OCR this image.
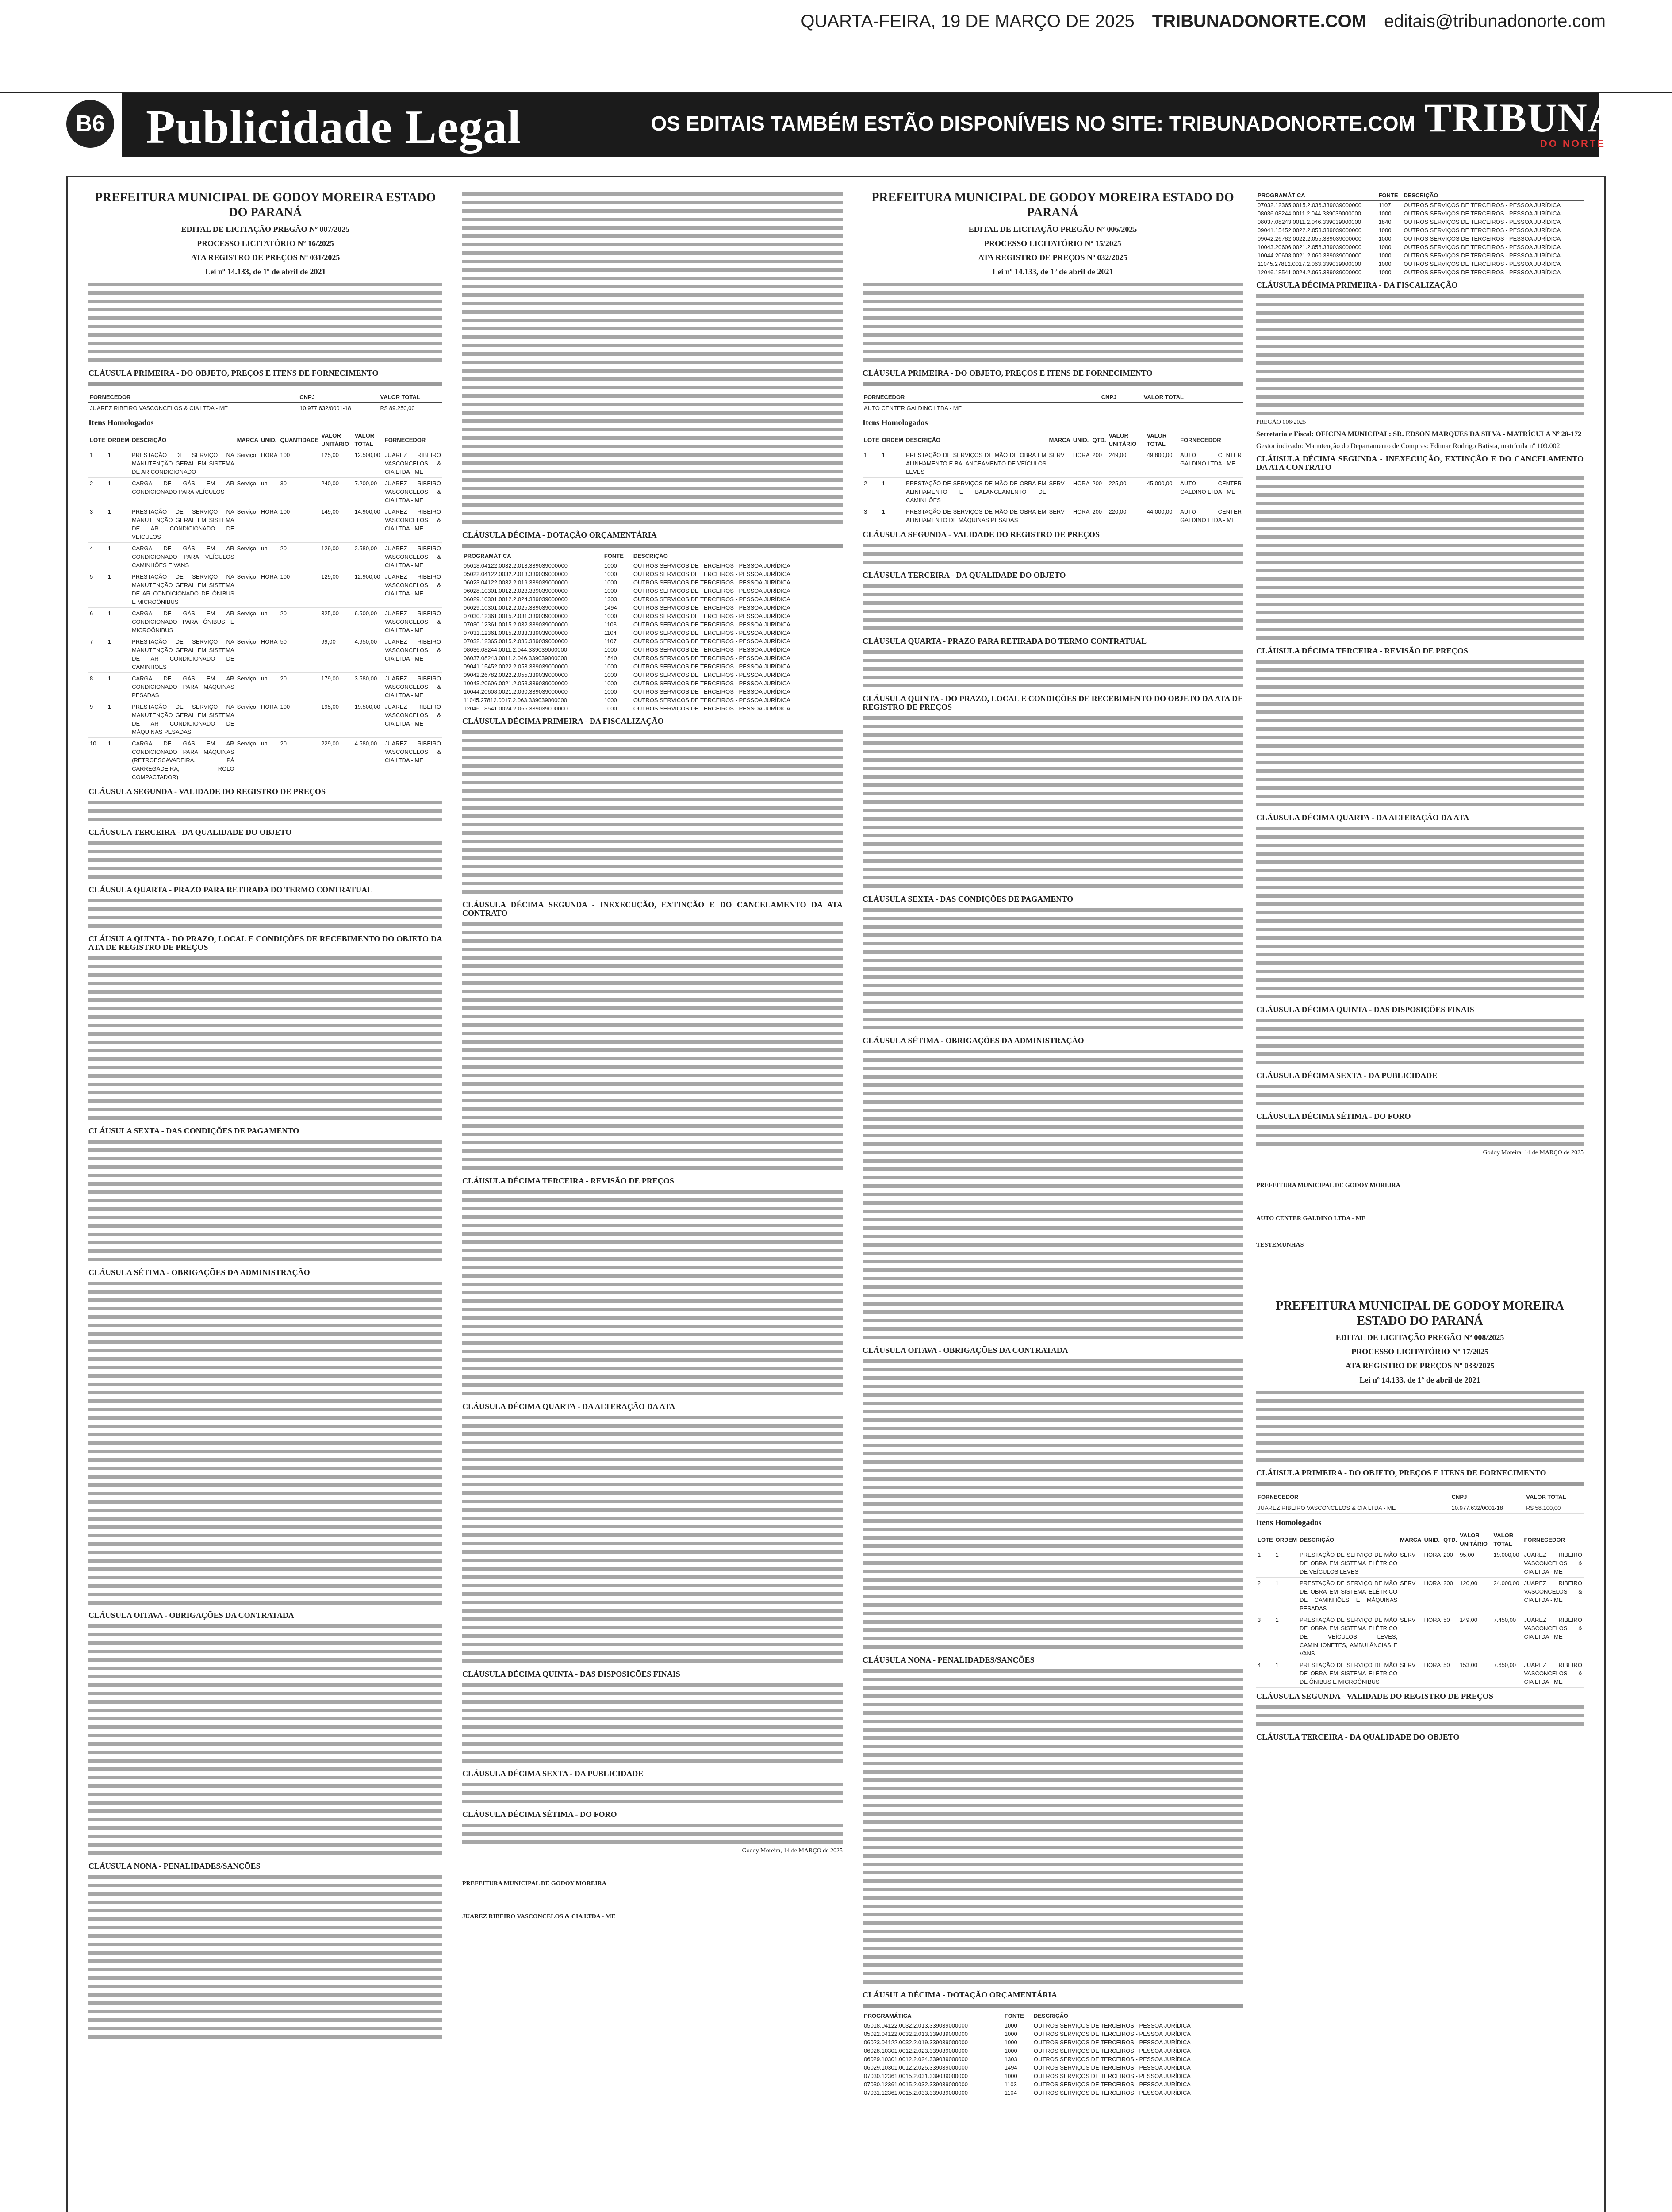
QUARTA-FEIRA, 19 DE MARÇO DE 2025 TRIBUNADONORTE.COM editais@tribunadonorte.com
B6 Publicidade Legal	OS EDITAIS TAMBÉM ESTÃO DISPONÍVEIS NO SITE: TRIBUNADONORTE.COM TRIBUNA
DO NORTE
PREFEITURA MUNICIPAL DE GODOY MOREIRA ESTADO DO PARANÁ
EDITAL DE LICITAÇÃO PREGÃO Nº 007/2025
PROCESSO LICITATÓRIO Nº 16/2025
ATA REGISTRO DE PREÇOS Nº 031/2025
Lei nº 14.133, de 1º de abril de 2021
CLÁUSULA PRIMEIRA - DO OBJETO, PREÇOS E ITENS DE FORNECIMENTO
FORNECEDOR	CNPJ	VALOR TOTAL
JUAREZ RIBEIRO VASCONCELOS & CIA LTDA - ME	10.977.632/0001-18	R$ 89.250,00
Itens Homologados
LOTE	ORDEM	DESCRIÇÃO	MARCA	UNID.	QUANTIDADE	VALOR UNITÁRIO	VALOR TOTAL	FORNECEDOR
1	1	PRESTAÇÃO DE SERVIÇO NA MANUTENÇÃO GERAL EM SISTEMA DE AR CONDICIONADO	Serviço	HORA	100	125,00	12.500,00	JUAREZ RIBEIRO VASCONCELOS & CIA LTDA - ME
2	1	CARGA DE GÁS EM AR CONDICIONADO PARA VEÍCULOS	Serviço	un	30	240,00	7.200,00	JUAREZ RIBEIRO VASCONCELOS & CIA LTDA - ME
3	1	PRESTAÇÃO DE SERVIÇO NA MANUTENÇÃO GERAL EM SISTEMA DE AR CONDICIONADO DE VEÍCULOS	Serviço	HORA	100	149,00	14.900,00	JUAREZ RIBEIRO VASCONCELOS & CIA LTDA - ME
4	1	CARGA DE GÁS EM AR CONDICIONADO PARA VEÍCULOS CAMINHÕES E VANS	Serviço	un	20	129,00	2.580,00	JUAREZ RIBEIRO VASCONCELOS & CIA LTDA - ME
5	1	PRESTAÇÃO DE SERVIÇO NA MANUTENÇÃO GERAL EM SISTEMA DE AR CONDICIONADO DE ÔNIBUS E MICROÔNIBUS	Serviço	HORA	100	129,00	12.900,00	JUAREZ RIBEIRO VASCONCELOS & CIA LTDA - ME
6	1	CARGA DE GÁS EM AR CONDICIONADO PARA ÔNIBUS E MICROÔNIBUS	Serviço	un	20	325,00	6.500,00	JUAREZ RIBEIRO VASCONCELOS & CIA LTDA - ME
7	1	PRESTAÇÃO DE SERVIÇO NA MANUTENÇÃO GERAL EM SISTEMA DE AR CONDICIONADO DE CAMINHÕES	Serviço	HORA	50	99,00	4.950,00	JUAREZ RIBEIRO VASCONCELOS & CIA LTDA - ME
8	1	CARGA DE GÁS EM AR CONDICIONADO PARA MÁQUINAS PESADAS	Serviço	un	20	179,00	3.580,00	JUAREZ RIBEIRO VASCONCELOS & CIA LTDA - ME
9	1	PRESTAÇÃO DE SERVIÇO NA MANUTENÇÃO GERAL EM SISTEMA DE AR CONDICIONADO DE MÁQUINAS PESADAS	Serviço	HORA	100	195,00	19.500,00	JUAREZ RIBEIRO VASCONCELOS & CIA LTDA - ME
10	1	CARGA DE GÁS EM AR CONDICIONADO PARA MÁQUINAS (RETROESCAVADEIRA, PÁ CARREGADEIRA, ROLO COMPACTADOR)	Serviço	un	20	229,00	4.580,00	JUAREZ RIBEIRO VASCONCELOS & CIA LTDA - ME
CLÁUSULA SEGUNDA - VALIDADE DO REGISTRO DE PREÇOS
CLÁUSULA TERCEIRA - DA QUALIDADE DO OBJETO
CLÁUSULA QUARTA - PRAZO PARA RETIRADA DO TERMO CONTRATUAL
CLÁUSULA QUINTA - DO PRAZO, LOCAL E CONDIÇÕES DE RECEBIMENTO DO OBJETO DA ATA DE REGISTRO DE PREÇOS
CLÁUSULA SEXTA - DAS CONDIÇÕES DE PAGAMENTO
CLÁUSULA SÉTIMA - OBRIGAÇÕES DA ADMINISTRAÇÃO
CLÁUSULA OITAVA - OBRIGAÇÕES DA CONTRATADA
CLÁUSULA NONA - PENALIDADES/SANÇÕES
CLÁUSULA DÉCIMA - DOTAÇÃO ORÇAMENTÁRIA
PROGRAMÁTICA	FONTE	DESCRIÇÃO
05018.04122.0032.2.013.339039000000	1000	OUTROS SERVIÇOS DE TERCEIROS - PESSOA JURÍDICA
05022.04122.0032.2.013.339039000000	1000	OUTROS SERVIÇOS DE TERCEIROS - PESSOA JURÍDICA
06023.04122.0032.2.019.339039000000	1000	OUTROS SERVIÇOS DE TERCEIROS - PESSOA JURÍDICA
06028.10301.0012.2.023.339039000000	1000	OUTROS SERVIÇOS DE TERCEIROS - PESSOA JURÍDICA
06029.10301.0012.2.024.339039000000	1303	OUTROS SERVIÇOS DE TERCEIROS - PESSOA JURÍDICA
06029.10301.0012.2.025.339039000000	1494	OUTROS SERVIÇOS DE TERCEIROS - PESSOA JURÍDICA
07030.12361.0015.2.031.339039000000	1000	OUTROS SERVIÇOS DE TERCEIROS - PESSOA JURÍDICA
07030.12361.0015.2.032.339039000000	1103	OUTROS SERVIÇOS DE TERCEIROS - PESSOA JURÍDICA
07031.12361.0015.2.033.339039000000	1104	OUTROS SERVIÇOS DE TERCEIROS - PESSOA JURÍDICA
07032.12365.0015.2.036.339039000000	1107	OUTROS SERVIÇOS DE TERCEIROS - PESSOA JURÍDICA
08036.08244.0011.2.044.339039000000	1000	OUTROS SERVIÇOS DE TERCEIROS - PESSOA JURÍDICA
08037.08243.0011.2.046.339039000000	1840	OUTROS SERVIÇOS DE TERCEIROS - PESSOA JURÍDICA
09041.15452.0022.2.053.339039000000	1000	OUTROS SERVIÇOS DE TERCEIROS - PESSOA JURÍDICA
09042.26782.0022.2.055.339039000000	1000	OUTROS SERVIÇOS DE TERCEIROS - PESSOA JURÍDICA
10043.20606.0021.2.058.339039000000	1000	OUTROS SERVIÇOS DE TERCEIROS - PESSOA JURÍDICA
10044.20608.0021.2.060.339039000000	1000	OUTROS SERVIÇOS DE TERCEIROS - PESSOA JURÍDICA
11045.27812.0017.2.063.339039000000	1000	OUTROS SERVIÇOS DE TERCEIROS - PESSOA JURÍDICA
12046.18541.0024.2.065.339039000000	1000	OUTROS SERVIÇOS DE TERCEIROS - PESSOA JURÍDICA
CLÁUSULA DÉCIMA PRIMEIRA - DA FISCALIZAÇÃO
CLÁUSULA DÉCIMA SEGUNDA - INEXECUÇÃO, EXTINÇÃO E DO CANCELAMENTO DA ATA CONTRATO
CLÁUSULA DÉCIMA TERCEIRA - REVISÃO DE PREÇOS
CLÁUSULA DÉCIMA QUARTA - DA ALTERAÇÃO DA ATA
CLÁUSULA DÉCIMA QUINTA - DAS DISPOSIÇÕES FINAIS
CLÁUSULA DÉCIMA SEXTA - DA PUBLICIDADE
CLÁUSULA DÉCIMA SÉTIMA - DO FORO
Godoy Moreira, 14 de MARÇO de 2025
PREFEITURA MUNICIPAL DE GODOY MOREIRA
JUAREZ RIBEIRO VASCONCELOS & CIA LTDA - ME
PREFEITURA MUNICIPAL DE GODOY MOREIRA ESTADO DO PARANÁ
EDITAL DE LICITAÇÃO PREGÃO Nº 006/2025
PROCESSO LICITATÓRIO Nº 15/2025
ATA REGISTRO DE PREÇOS Nº 032/2025
Lei nº 14.133, de 1º de abril de 2021
CLÁUSULA PRIMEIRA - DO OBJETO, PREÇOS E ITENS DE FORNECIMENTO
FORNECEDOR	CNPJ	VALOR TOTAL
AUTO CENTER GALDINO LTDA - ME		
Itens Homologados
LOTE	ORDEM	DESCRIÇÃO	MARCA	UNID.	QTD.	VALOR UNITÁRIO	VALOR TOTAL	FORNECEDOR
1	1	PRESTAÇÃO DE SERVIÇOS DE MÃO DE OBRA EM ALINHAMENTO E BALANCEAMENTO DE VEÍCULOS LEVES	SERV	HORA	200	249,00	49.800,00	AUTO CENTER GALDINO LTDA - ME
2	1	PRESTAÇÃO DE SERVIÇOS DE MÃO DE OBRA EM ALINHAMENTO E BALANCEAMENTO DE CAMINHÕES	SERV	HORA	200	225,00	45.000,00	AUTO CENTER GALDINO LTDA - ME
3	1	PRESTAÇÃO DE SERVIÇOS DE MÃO DE OBRA EM ALINHAMENTO DE MÁQUINAS PESADAS	SERV	HORA	200	220,00	44.000,00	AUTO CENTER GALDINO LTDA - ME
CLÁUSULA SEGUNDA - VALIDADE DO REGISTRO DE PREÇOS
CLÁUSULA TERCEIRA - DA QUALIDADE DO OBJETO
CLÁUSULA QUARTA - PRAZO PARA RETIRADA DO TERMO CONTRATUAL
CLÁUSULA QUINTA - DO PRAZO, LOCAL E CONDIÇÕES DE RECEBIMENTO DO OBJETO DA ATA DE REGISTRO DE PREÇOS
CLÁUSULA SEXTA - DAS CONDIÇÕES DE PAGAMENTO
CLÁUSULA SÉTIMA - OBRIGAÇÕES DA ADMINISTRAÇÃO
CLÁUSULA OITAVA - OBRIGAÇÕES DA CONTRATADA
CLÁUSULA NONA - PENALIDADES/SANÇÕES
CLÁUSULA DÉCIMA - DOTAÇÃO ORÇAMENTÁRIA
PROGRAMÁTICA	FONTE	DESCRIÇÃO
05018.04122.0032.2.013.339039000000	1000	OUTROS SERVIÇOS DE TERCEIROS - PESSOA JURÍDICA
05022.04122.0032.2.013.339039000000	1000	OUTROS SERVIÇOS DE TERCEIROS - PESSOA JURÍDICA
06023.04122.0032.2.019.339039000000	1000	OUTROS SERVIÇOS DE TERCEIROS - PESSOA JURÍDICA
06028.10301.0012.2.023.339039000000	1000	OUTROS SERVIÇOS DE TERCEIROS - PESSOA JURÍDICA
06029.10301.0012.2.024.339039000000	1303	OUTROS SERVIÇOS DE TERCEIROS - PESSOA JURÍDICA
06029.10301.0012.2.025.339039000000	1494	OUTROS SERVIÇOS DE TERCEIROS - PESSOA JURÍDICA
07030.12361.0015.2.031.339039000000	1000	OUTROS SERVIÇOS DE TERCEIROS - PESSOA JURÍDICA
07030.12361.0015.2.032.339039000000	1103	OUTROS SERVIÇOS DE TERCEIROS - PESSOA JURÍDICA
07031.12361.0015.2.033.339039000000	1104	OUTROS SERVIÇOS DE TERCEIROS - PESSOA JURÍDICA
PROGRAMÁTICA	FONTE	DESCRIÇÃO
07032.12365.0015.2.036.339039000000	1107	OUTROS SERVIÇOS DE TERCEIROS - PESSOA JURÍDICA
08036.08244.0011.2.044.339039000000	1000	OUTROS SERVIÇOS DE TERCEIROS - PESSOA JURÍDICA
08037.08243.0011.2.046.339039000000	1840	OUTROS SERVIÇOS DE TERCEIROS - PESSOA JURÍDICA
09041.15452.0022.2.053.339039000000	1000	OUTROS SERVIÇOS DE TERCEIROS - PESSOA JURÍDICA
09042.26782.0022.2.055.339039000000	1000	OUTROS SERVIÇOS DE TERCEIROS - PESSOA JURÍDICA
10043.20606.0021.2.058.339039000000	1000	OUTROS SERVIÇOS DE TERCEIROS - PESSOA JURÍDICA
10044.20608.0021.2.060.339039000000	1000	OUTROS SERVIÇOS DE TERCEIROS - PESSOA JURÍDICA
11045.27812.0017.2.063.339039000000	1000	OUTROS SERVIÇOS DE TERCEIROS - PESSOA JURÍDICA
12046.18541.0024.2.065.339039000000	1000	OUTROS SERVIÇOS DE TERCEIROS - PESSOA JURÍDICA
CLÁUSULA DÉCIMA PRIMEIRA - DA FISCALIZAÇÃO
PREGÃO 006/2025
Secretaria e Fiscal: OFICINA MUNICIPAL: SR. EDSON MARQUES DA SILVA - MATRÍCULA Nº 28-172
Gestor indicado: Manutenção do Departamento de Compras: Edimar Rodrigo Batista, matrícula nº 109.002
CLÁUSULA DÉCIMA SEGUNDA - INEXECUÇÃO, EXTINÇÃO E DO CANCELAMENTO DA ATA CONTRATO
CLÁUSULA DÉCIMA TERCEIRA - REVISÃO DE PREÇOS
CLÁUSULA DÉCIMA QUARTA - DA ALTERAÇÃO DA ATA
CLÁUSULA DÉCIMA QUINTA - DAS DISPOSIÇÕES FINAIS
CLÁUSULA DÉCIMA SEXTA - DA PUBLICIDADE
CLÁUSULA DÉCIMA SÉTIMA - DO FORO
Godoy Moreira, 14 de MARÇO de 2025
PREFEITURA MUNICIPAL DE GODOY MOREIRA
AUTO CENTER GALDINO LTDA - ME
TESTEMUNHAS
PREFEITURA MUNICIPAL DE GODOY MOREIRA ESTADO DO PARANÁ
EDITAL DE LICITAÇÃO PREGÃO Nº 008/2025
PROCESSO LICITATÓRIO Nº 17/2025
ATA REGISTRO DE PREÇOS Nº 033/2025
Lei nº 14.133, de 1º de abril de 2021
CLÁUSULA PRIMEIRA - DO OBJETO, PREÇOS E ITENS DE FORNECIMENTO
FORNECEDOR	CNPJ	VALOR TOTAL
JUAREZ RIBEIRO VASCONCELOS & CIA LTDA - ME	10.977.632/0001-18	R$ 58.100,00
Itens Homologados
LOTE	ORDEM	DESCRIÇÃO	MARCA	UNID.	QTD.	VALOR UNITÁRIO	VALOR TOTAL	FORNECEDOR
1	1	PRESTAÇÃO DE SERVIÇO DE MÃO DE OBRA EM SISTEMA ELÉTRICO DE VEÍCULOS LEVES	SERV	HORA	200	95,00	19.000,00	JUAREZ RIBEIRO VASCONCELOS & CIA LTDA - ME
2	1	PRESTAÇÃO DE SERVIÇO DE MÃO DE OBRA EM SISTEMA ELÉTRICO DE CAMINHÕES E MÁQUINAS PESADAS	SERV	HORA	200	120,00	24.000,00	JUAREZ RIBEIRO VASCONCELOS & CIA LTDA - ME
3	1	PRESTAÇÃO DE SERVIÇO DE MÃO DE OBRA EM SISTEMA ELÉTRICO DE VEÍCULOS LEVES, CAMINHONETES, AMBULÂNCIAS E VANS	SERV	HORA	50	149,00	7.450,00	JUAREZ RIBEIRO VASCONCELOS & CIA LTDA - ME
4	1	PRESTAÇÃO DE SERVIÇO DE MÃO DE OBRA EM SISTEMA ELÉTRICO DE ÔNIBUS E MICROÔNIBUS	SERV	HORA	50	153,00	7.650,00	JUAREZ RIBEIRO VASCONCELOS & CIA LTDA - ME
CLÁUSULA SEGUNDA - VALIDADE DO REGISTRO DE PREÇOS
CLÁUSULA TERCEIRA - DA QUALIDADE DO OBJETO
